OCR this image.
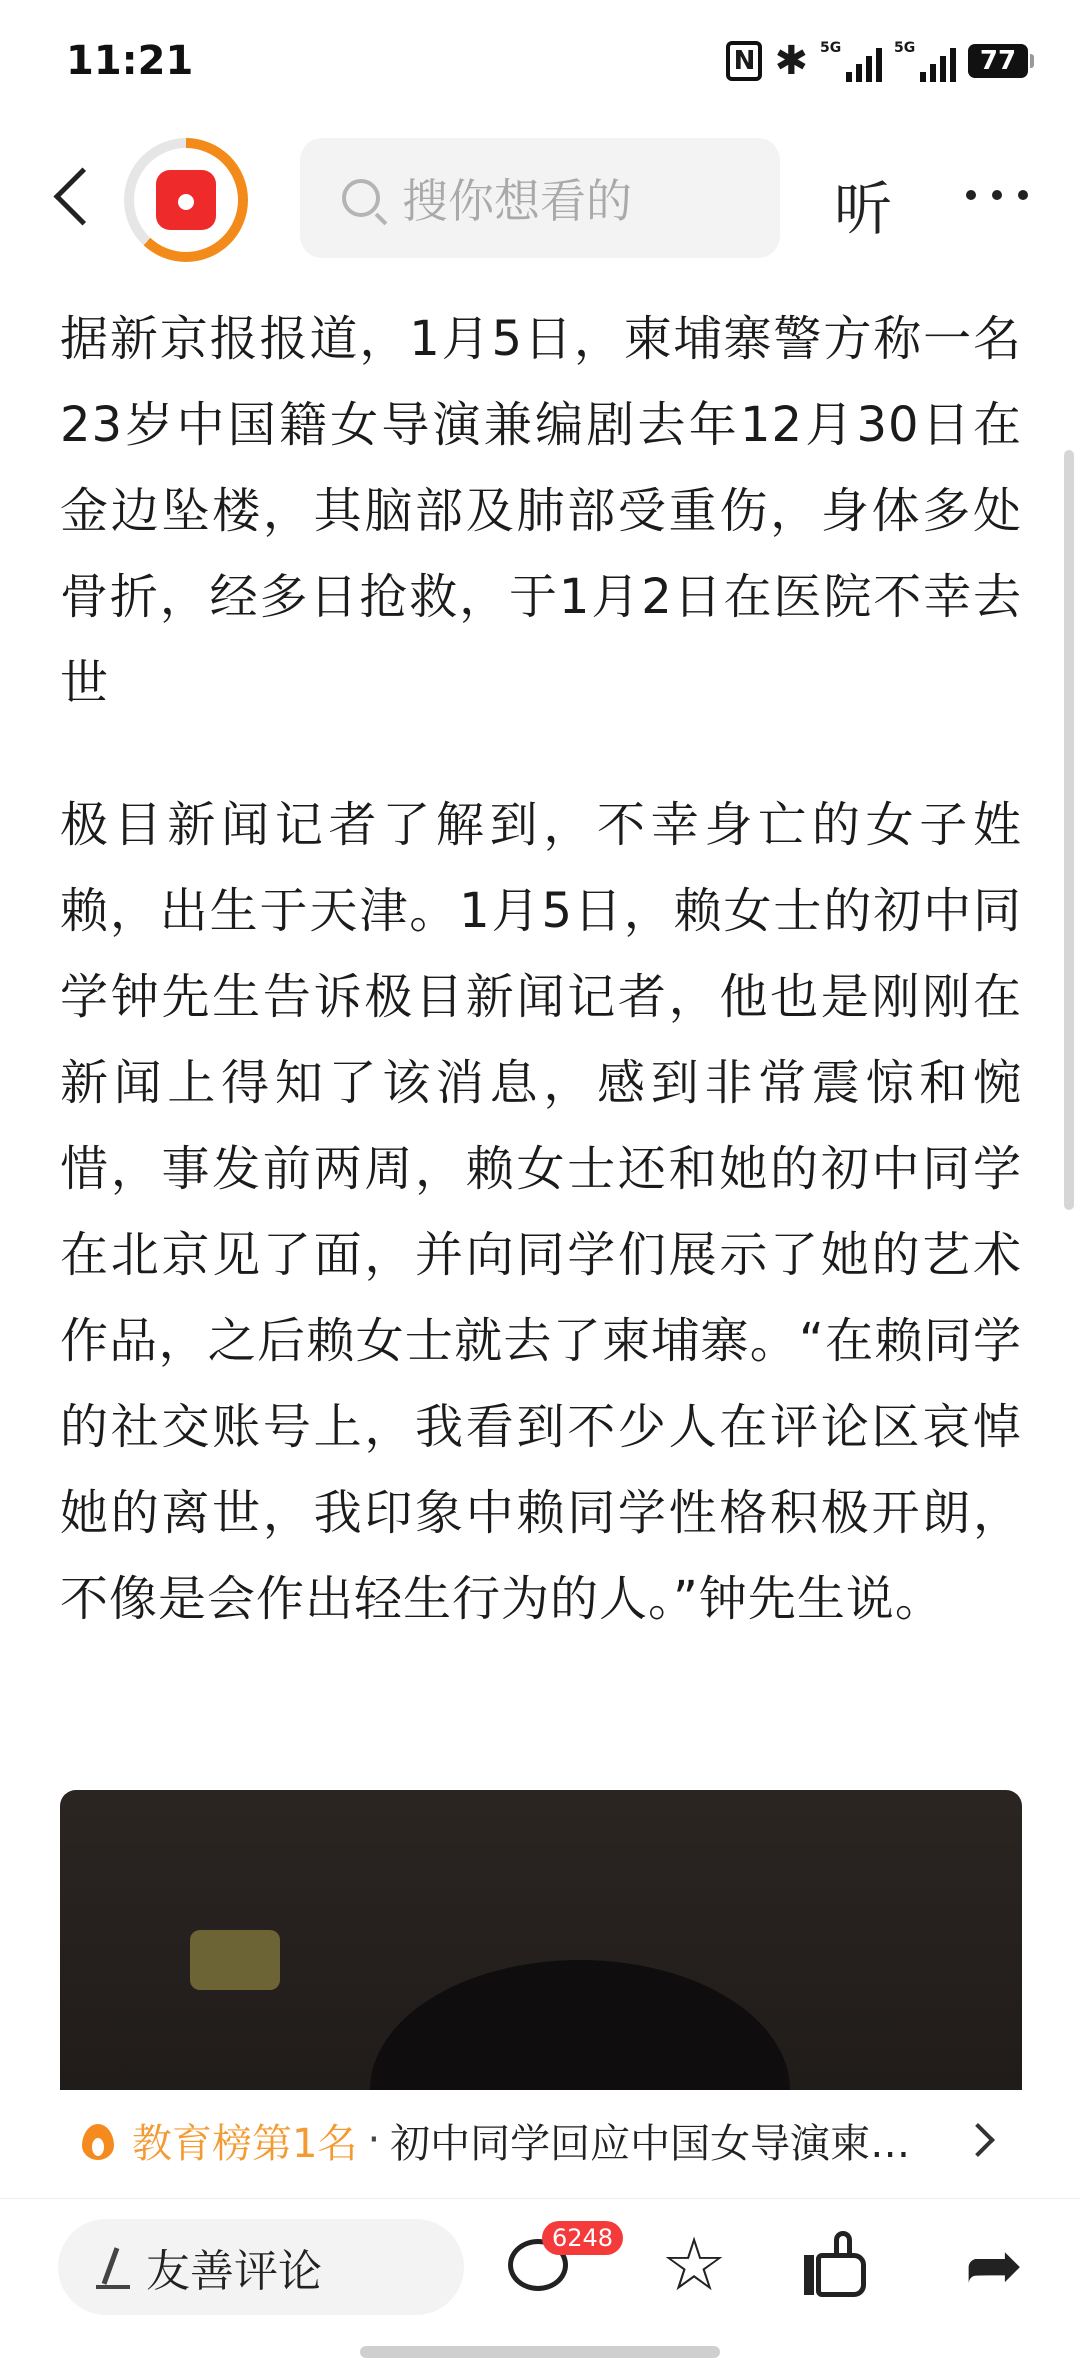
11:21	N ✱ 5G	5G	77
搜你想看的	听

据新京报报道，1月5日，柬埔寨警方称一名23岁中国籍女导演兼编剧去年12月30日在金边坠楼，其脑部及肺部受重伤，身体多处骨折，经多日抢救，于1月2日在医院不幸去世

极目新闻记者了解到，不幸身亡的女子姓赖，出生于天津。1月5日，赖女士的初中同学钟先生告诉极目新闻记者，他也是刚刚在新闻上得知了该消息，感到非常震惊和惋惜，事发前两周，赖女士还和她的初中同学在北京见了面，并向同学们展示了她的艺术作品，之后赖女士就去了柬埔寨。“在赖同学的社交账号上，我看到不少人在评论区哀悼她的离世，我印象中赖同学性格积极开朗，不像是会作出轻生行为的人。”钟先生说。

教育榜第1名 · 初中同学回应中国女导演柬…
友善评论
6248 ☆	➦
